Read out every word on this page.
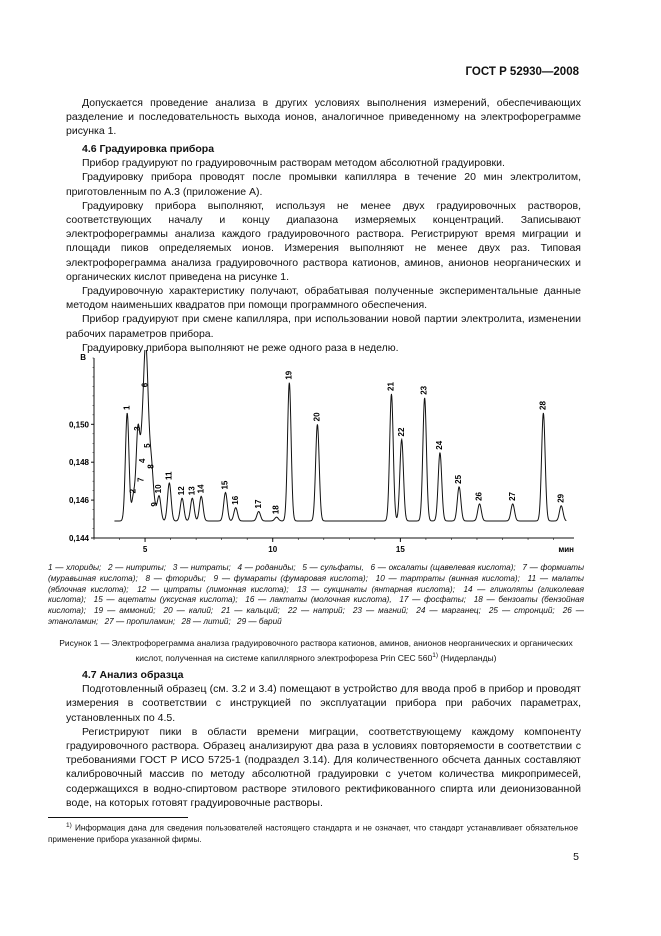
ГОСТ Р 52930—2008

Допускается проведение анализа в других условиях выполнения измерений, обеспечивающих разделение и последовательность выхода ионов, аналогичное приведенному на электрофореграмме рисунка 1.

4.6 Градуировка прибора

Прибор градуируют по градуировочным растворам методом абсолютной градуировки.

Градуировку прибора проводят после промывки капилляра в течение 20 мин электролитом, приготовленным по А.3 (приложение А).

Градуировку прибора выполняют, используя не менее двух градуировочных растворов, соответствующих началу и концу диапазона измеряемых концентраций. Записывают электрофореграммы анализа каждого градуировочного раствора. Регистрируют время миграции и площади пиков определяемых ионов. Измерения выполняют не менее двух раз. Типовая электрофореграмма анализа градуировочного раствора катионов, аминов, анионов неорганических и органических кислот приведена на рисунке 1.

Градуировочную характеристику получают, обрабатывая полученные экспериментальные данные методом наименьших квадратов при помощи программного обеспечения.

Прибор градуируют при смене капилляра, при использовании новой партии электролита, изменении рабочих параметров прибора.

Градуировку прибора выполняют не реже одного раза в неделю.

0,150
0,148
0,146
0,144
5	10	15
В
мин
1
2
3
4
5
6
7
8
9
10
11
12 13 14 15
16 17
18
19
20
21
22
23
24
25
26	27
28
29
1 — хлориды; 2 — нитриты; 3 — нитраты; 4 — роданиды; 5 — сульфаты, 6 — оксалаты (щавелевая кислота); 7 — формиаты (муравьиная кислота); 8 — фториды; 9 — фумараты (фумаровая кислота); 10 — тартраты (винная кислота); 11 — малаты (яблочная кислота); 12 — цитраты (лимонная кислота); 13 — сукцинаты (янтарная кислота); 14 — гликоляты (гликолевая кислота); 15 — ацетаты (уксусная кислота); 16 — лактаты (молочная кислота), 17 — фосфаты; 18 — бензоаты (бензойная кислота); 19 — аммоний; 20 — калий; 21 — кальций; 22 — натрий; 23 — магний; 24 — марганец; 25 — стронций; 26 — этаноламин; 27 — пропиламин; 28 — литий; 29 — барий
Рисунок 1 — Электрофореграмма анализа градуировочного раствора катионов, аминов, анионов неорганических и органических кислот, полученная на системе капиллярного электрофореза Prin CEC 560$^{1)}$ (Нидерланды)
4.7 Анализ образца

Подготовленный образец (см. 3.2 и 3.4) помещают в устройство для ввода проб в прибор и проводят измерения в соответствии с инструкцией по эксплуатации прибора при рабочих параметрах, установленных по 4.5.

Регистрируют пики в области времени миграции, соответствующему каждому компоненту градуировочного раствора. Образец анализируют два раза в условиях повторяемости в соответствии с требованиями ГОСТ Р ИСО 5725-1 (подраздел 3.14). Для количественного обсчета данных составляют калибровочный массив по методу абсолютной градуировки с учетом количества микропримесей, содержащихся в водно-спиртовом растворе этилового ректификованного спирта или деионизованной воде, на которых готовят градуировочные растворы.

$^{1)}$ Информация дана для сведения пользователей настоящего стандарта и не означает, что стандарт устанавливает обязательное применение прибора указанной фирмы.
5
